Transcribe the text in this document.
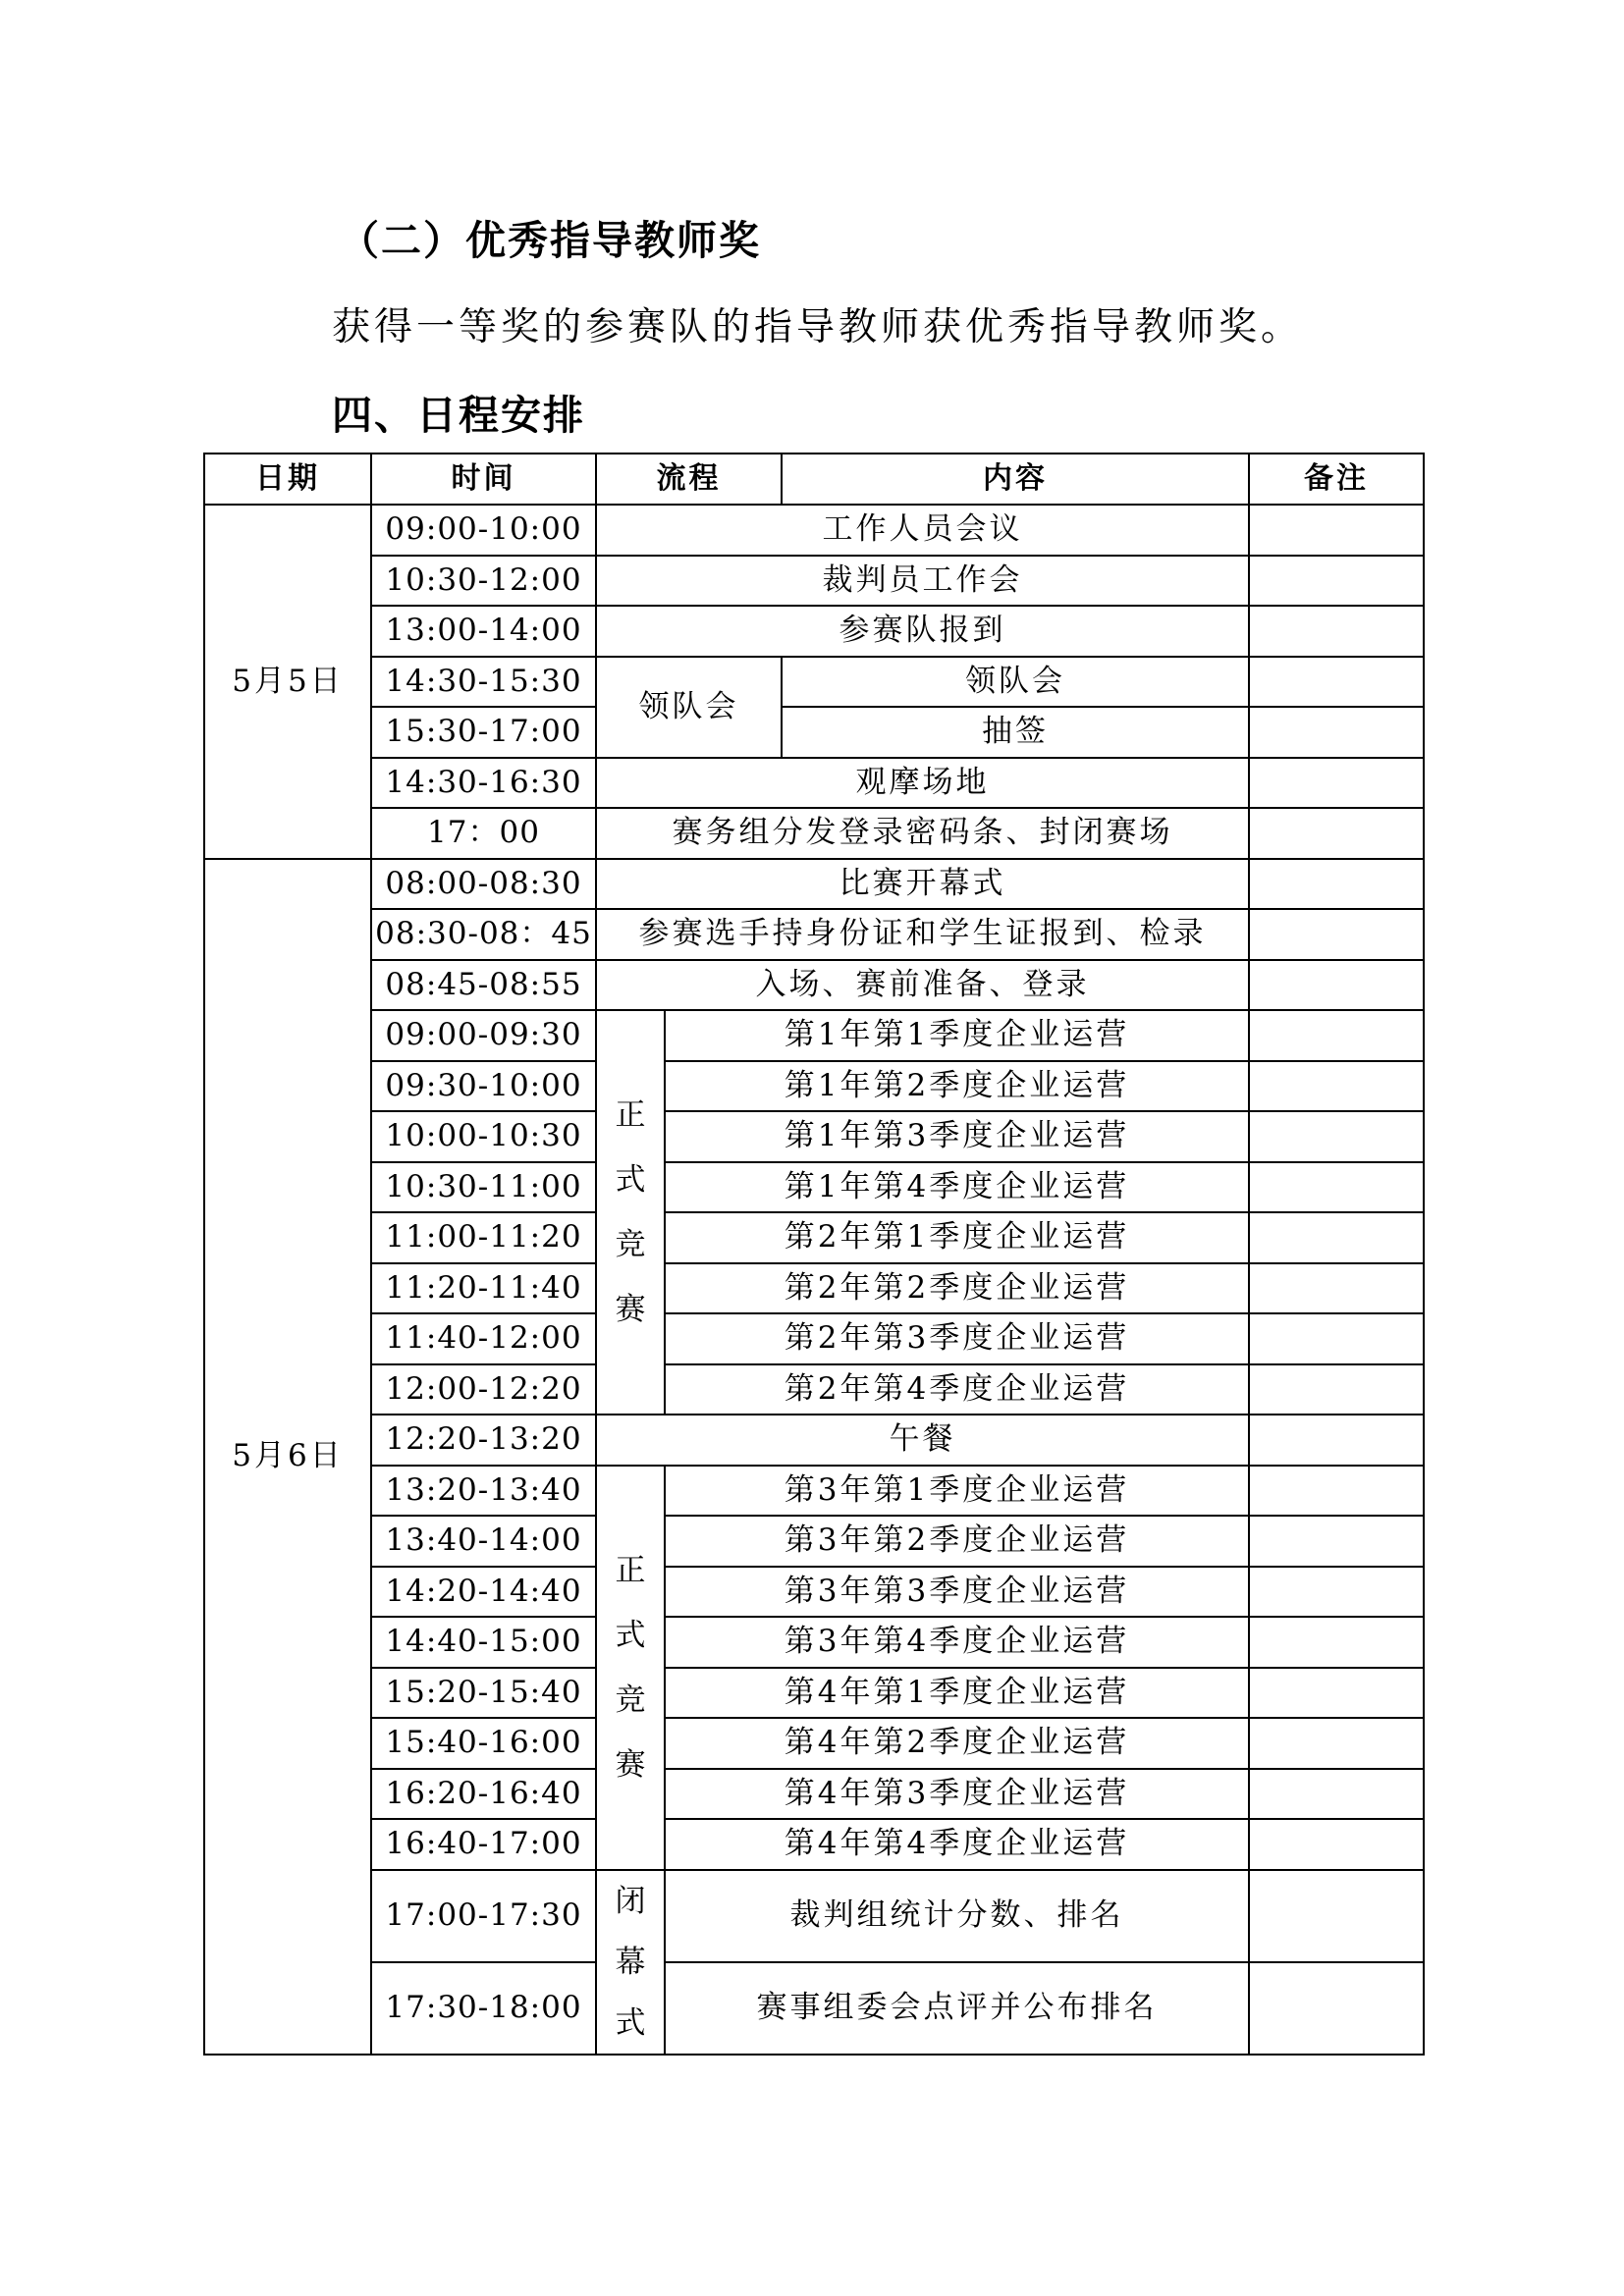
（二）优秀指导教师奖
获得一等奖的参赛队的指导教师获优秀指导教师奖。
四、日程安排
日期	时间	流程		内容	备注
5月5日	09:00-10:00	工作人员会议			
	10:30-12:00	裁判员工作会			
	13:00-14:00	参赛队报到			
	14:30-15:30	领队会		领队会	
	15:30-17:00			抽签	
	14:30-16:30	观摩场地			
	17：00	赛务组分发登录密码条、封闭赛场			
5月6日	08:00-08:30	比赛开幕式			
	08:30-08：45	参赛选手持身份证和学生证报到、检录			
	08:45-08:55	入场、赛前准备、登录			
	09:00-09:30	正式竞赛	第1年第1季度企业运营		
	09:30-10:00		第1年第2季度企业运营		
	10:00-10:30		第1年第3季度企业运营		
	10:30-11:00		第1年第4季度企业运营		
	11:00-11:20		第2年第1季度企业运营		
	11:20-11:40		第2年第2季度企业运营		
	11:40-12:00		第2年第3季度企业运营		
	12:00-12:20		第2年第4季度企业运营		
	12:20-13:20	午餐			
	13:20-13:40	正式竞赛	第3年第1季度企业运营		
	13:40-14:00		第3年第2季度企业运营		
	14:20-14:40		第3年第3季度企业运营		
	14:40-15:00		第3年第4季度企业运营		
	15:20-15:40		第4年第1季度企业运营		
	15:40-16:00		第4年第2季度企业运营		
	16:20-16:40		第4年第3季度企业运营		
	16:40-17:00		第4年第4季度企业运营		
	17:00-17:30	闭幕式	裁判组统计分数、排名		
	17:30-18:00		赛事组委会点评并公布排名		
